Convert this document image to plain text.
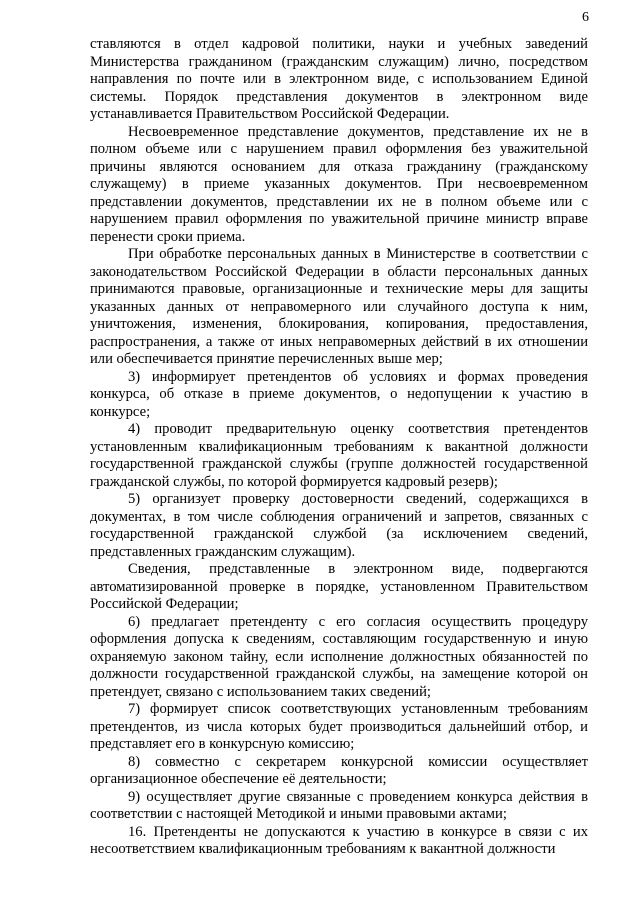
6

ставляются в отдел кадровой политики, науки и учебных заведений Министерства гражданином (гражданским служащим) лично, посредством направления по почте или в электронном виде, с использованием Единой системы. Порядок представления документов в электронном виде устанавливается Правительством Российской Федерации.

Несвоевременное представление документов, представление их не в полном объеме или с нарушением правил оформления без уважительной причины являются основанием для отказа гражданину (гражданскому служащему) в приеме указанных документов. При несвоевременном представлении документов, представлении их не в полном объеме или с нарушением правил оформления по уважительной причине министр вправе перенести сроки приема.

При обработке персональных данных в Министерстве в соответствии с законодательством Российской Федерации в области персональных данных принимаются правовые, организационные и технические меры для защиты указанных данных от неправомерного или случайного доступа к ним, уничтожения, изменения, блокирования, копирования, предоставления, распространения, а также от иных неправомерных действий в их отношении или обеспечивается принятие перечисленных выше мер;

3) информирует претендентов об условиях и формах проведения конкурса, об отказе в приеме документов, о недопущении к участию в конкурсе;

4) проводит предварительную оценку соответствия претендентов установленным квалификационным требованиям к вакантной должности государственной гражданской службы (группе должностей государственной гражданской службы, по которой формируется кадровый резерв);

5) организует проверку достоверности сведений, содержащихся в документах, в том числе соблюдения ограничений и запретов, связанных с государственной гражданской службой (за исключением сведений, представленных гражданским служащим).

Сведения, представленные в электронном виде, подвергаются автоматизированной проверке в порядке, установленном Правительством Российской Федерации;

6) предлагает претенденту с его согласия осуществить процедуру оформления допуска к сведениям, составляющим государственную и иную охраняемую законом тайну, если исполнение должностных обязанностей по должности государственной гражданской службы, на замещение которой он претендует, связано с использованием таких сведений;

7) формирует список соответствующих установленным требованиям претендентов, из числа которых будет производиться дальнейший отбор, и представляет его в конкурсную комиссию;

8) совместно с секретарем конкурсной комиссии осуществляет организационное обеспечение её деятельности;

9) осуществляет другие связанные с проведением конкурса действия в соответствии с настоящей Методикой и иными правовыми актами;

16. Претенденты не допускаются к участию в конкурсе в связи с их несоответствием квалификационным требованиям к вакантной должности
